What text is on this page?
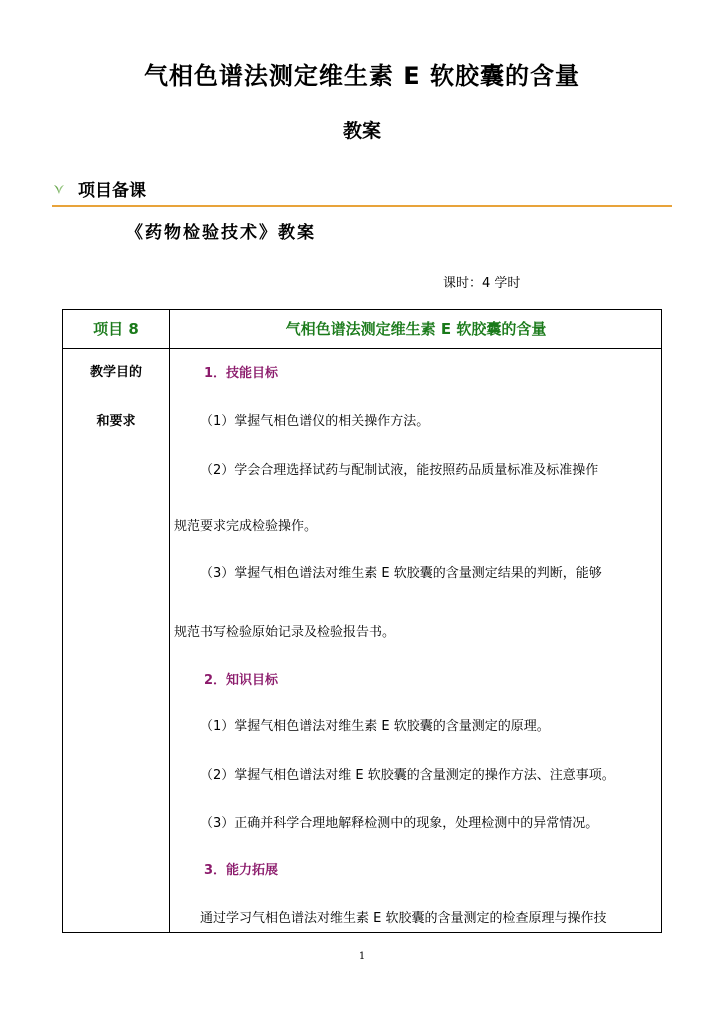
气相色谱法测定维生素 E 软胶囊的含量
教案
项目备课
《药物检验技术》教案
课时：4 学时
项目 8	气相色谱法测定维生素 E 软胶囊的含量
教学目的
和要求
1．技能目标
（1）掌握气相色谱仪的相关操作方法。
（2）学会合理选择试药与配制试液，能按照药品质量标准及标准操作
规范要求完成检验操作。
（3）掌握气相色谱法对维生素 E 软胶囊的含量测定结果的判断，能够
规范书写检验原始记录及检验报告书。
2．知识目标
（1）掌握气相色谱法对维生素 E 软胶囊的含量测定的原理。
（2）掌握气相色谱法对维 E 软胶囊的含量测定的操作方法、注意事项。
（3）正确并科学合理地解释检测中的现象，处理检测中的异常情况。
3．能力拓展
通过学习气相色谱法对维生素 E 软胶囊的含量测定的检查原理与操作技
1
